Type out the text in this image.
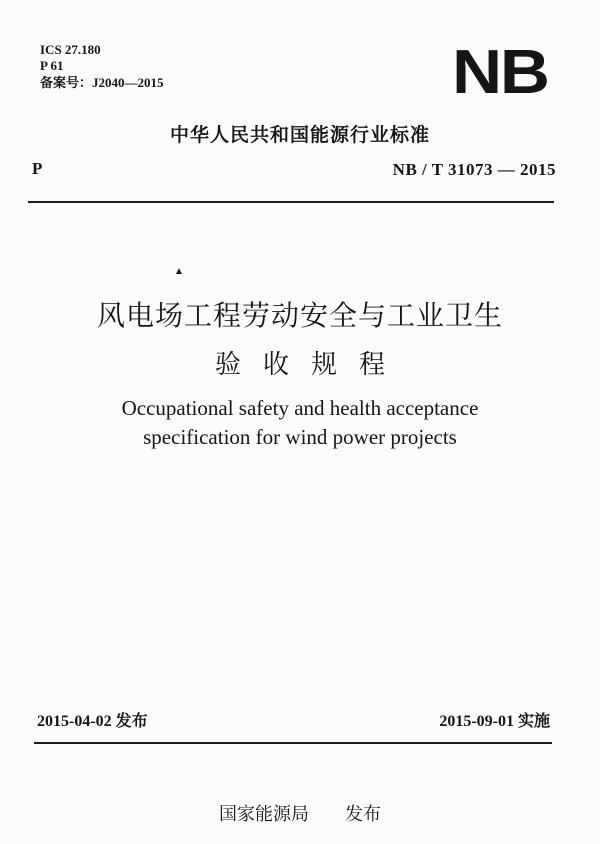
ICS 27.180
P 61
备案号：J2040—2015	NB
中华人民共和国能源行业标准
P	NB / T 31073 — 2015
▲
风电场工程劳动安全与工业卫生
验收规程
Occupational safety and health acceptance
specification for wind power projects
2015-04-02 发布	2015-09-01 实施
国家能源局 发布
